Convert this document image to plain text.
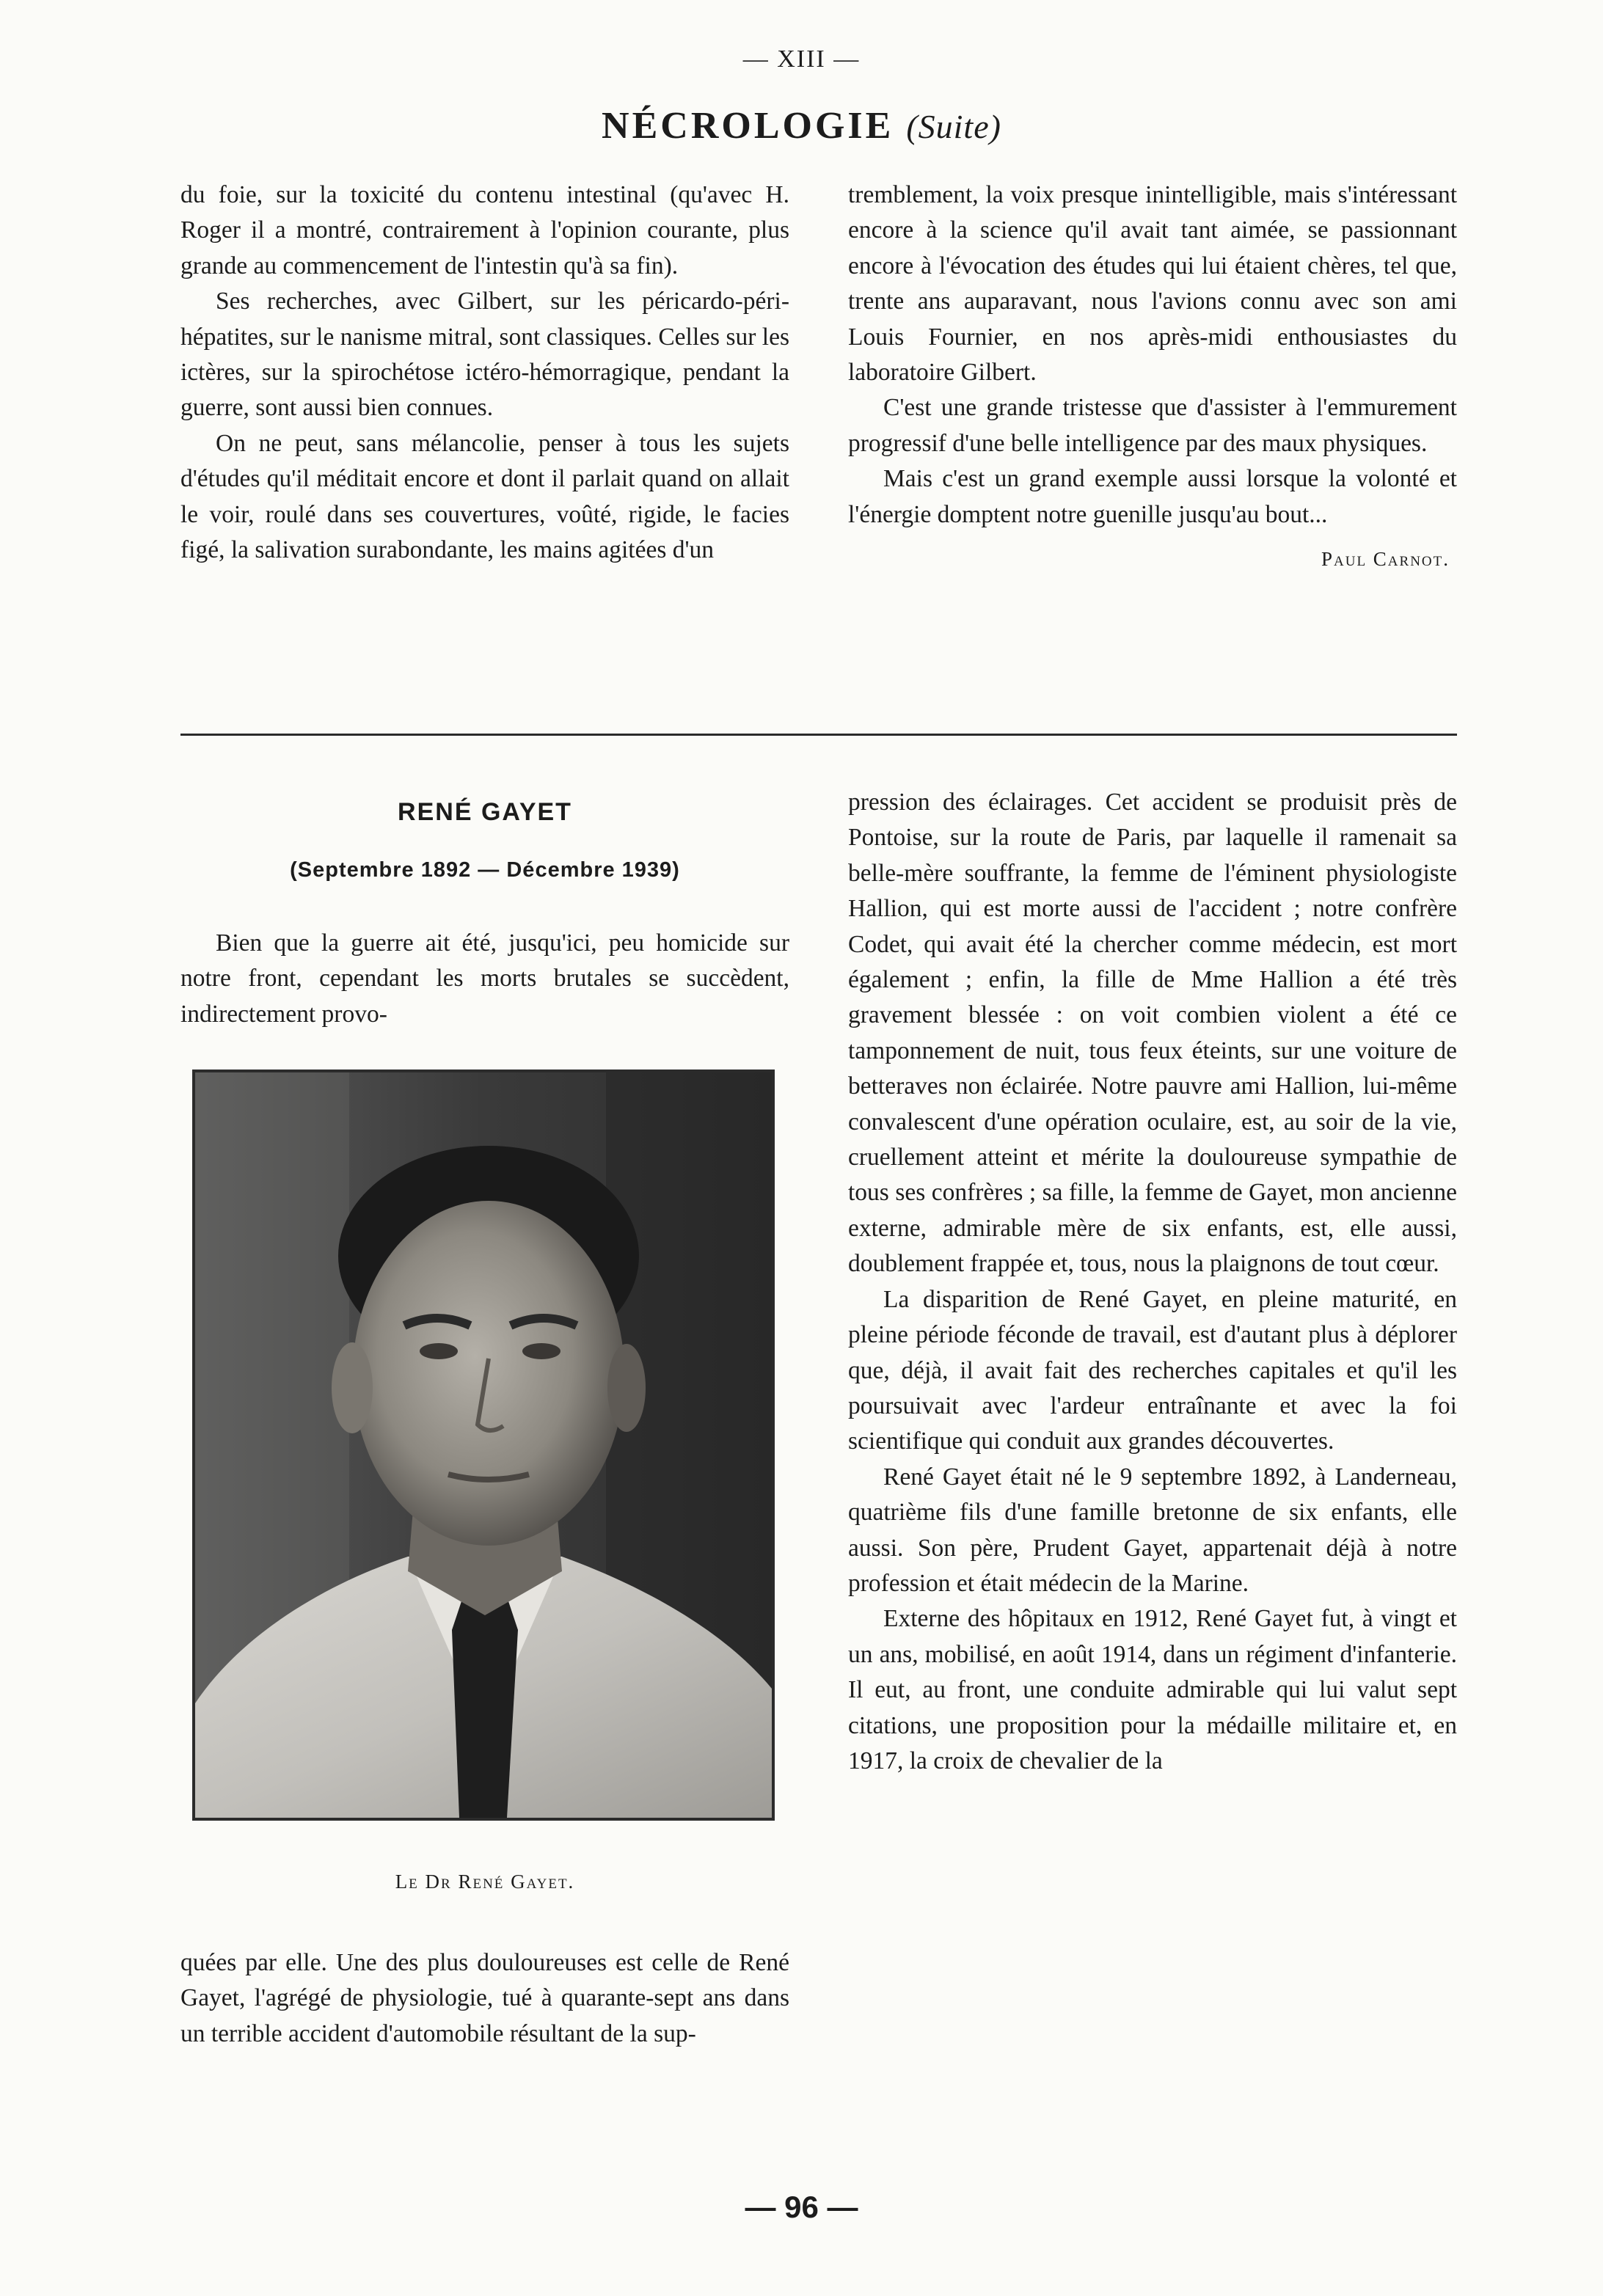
— XIII —
NÉCROLOGIE (Suite)

du foie, sur la toxicité du contenu intestinal (qu'avec H. Roger il a montré, contrairement à l'opinion courante, plus grande au commencement de l'intestin qu'à sa fin).

Ses recherches, avec Gilbert, sur les péricardo-péri-hépatites, sur le nanisme mitral, sont classiques. Celles sur les ictères, sur la spirochétose ictéro-hémorragique, pendant la guerre, sont aussi bien connues.

On ne peut, sans mélancolie, penser à tous les sujets d'études qu'il méditait encore et dont il parlait quand on allait le voir, roulé dans ses couvertures, voûté, rigide, le facies figé, la salivation surabondante, les mains agitées d'un

tremblement, la voix presque inintelligible, mais s'intéressant encore à la science qu'il avait tant aimée, se passionnant encore à l'évocation des études qui lui étaient chères, tel que, trente ans auparavant, nous l'avions connu avec son ami Louis Fournier, en nos après-midi enthousiastes du laboratoire Gilbert.

C'est une grande tristesse que d'assister à l'emmurement progressif d'une belle intelligence par des maux physiques.

Mais c'est un grand exemple aussi lorsque la volonté et l'énergie domptent notre guenille jusqu'au bout...

Paul Carnot.
RENÉ GAYET
(Septembre 1892 — Décembre 1939)

Bien que la guerre ait été, jusqu'ici, peu homicide sur notre front, cependant les morts brutales se succèdent, indirectement provo-

Le Dr René Gayet.

quées par elle. Une des plus douloureuses est celle de René Gayet, l'agrégé de physiologie, tué à quarante-sept ans dans un terrible accident d'automobile résultant de la sup-

pression des éclairages. Cet accident se produisit près de Pontoise, sur la route de Paris, par laquelle il ramenait sa belle-mère souffrante, la femme de l'éminent physiologiste Hallion, qui est morte aussi de l'accident ; notre confrère Codet, qui avait été la chercher comme médecin, est mort également ; enfin, la fille de Mme Hallion a été très gravement blessée : on voit combien violent a été ce tamponnement de nuit, tous feux éteints, sur une voiture de betteraves non éclairée. Notre pauvre ami Hallion, lui-même convalescent d'une opération oculaire, est, au soir de la vie, cruellement atteint et mérite la douloureuse sympathie de tous ses confrères ; sa fille, la femme de Gayet, mon ancienne externe, admirable mère de six enfants, est, elle aussi, doublement frappée et, tous, nous la plaignons de tout cœur.

La disparition de René Gayet, en pleine maturité, en pleine période féconde de travail, est d'autant plus à déplorer que, déjà, il avait fait des recherches capitales et qu'il les poursuivait avec l'ardeur entraînante et avec la foi scientifique qui conduit aux grandes découvertes.

René Gayet était né le 9 septembre 1892, à Landerneau, quatrième fils d'une famille bretonne de six enfants, elle aussi. Son père, Prudent Gayet, appartenait déjà à notre profession et était médecin de la Marine.

Externe des hôpitaux en 1912, René Gayet fut, à vingt et un ans, mobilisé, en août 1914, dans un régiment d'infanterie. Il eut, au front, une conduite admirable qui lui valut sept citations, une proposition pour la médaille militaire et, en 1917, la croix de chevalier de la

— 96 —
